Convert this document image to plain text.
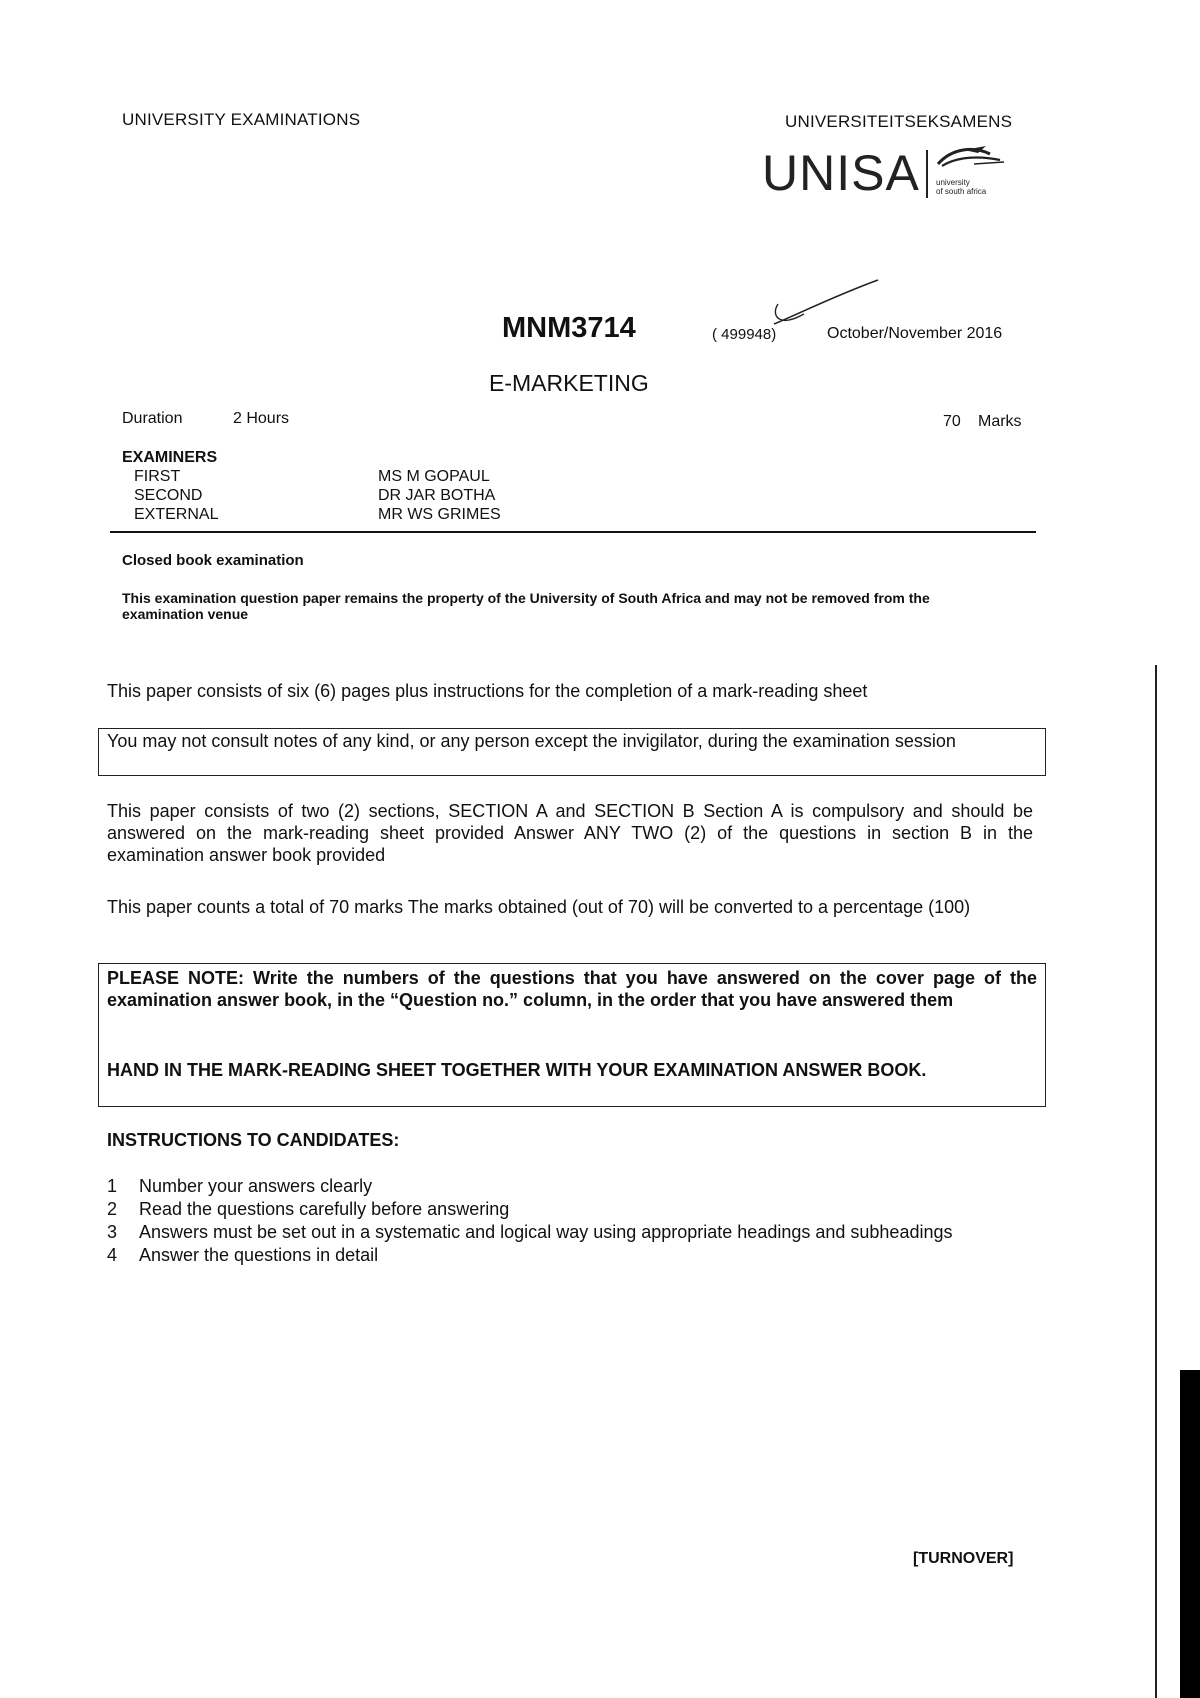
UNIVERSITY EXAMINATIONS	UNIVERSITEITSEKSAMENS
UNISA university
of south africa
MNM3714	( 499948)	October/November 2016
E-MARKETING
Duration	2 Hours	70 Marks
EXAMINERS
FIRST	MS M GOPAUL
SECOND	DR JAR BOTHA
EXTERNAL	MR WS GRIMES
Closed book examination
This examination question paper remains the property of the University of South Africa and may not be removed from the examination venue
This paper consists of six (6) pages plus instructions for the completion of a mark-reading sheet
You may not consult notes of any kind, or any person except the invigilator, during the examination session
This paper consists of two (2) sections, SECTION A and SECTION B Section A is compulsory and should be answered on the mark-reading sheet provided Answer ANY TWO (2) of the questions in section B in the examination answer book provided
This paper counts a total of 70 marks The marks obtained (out of 70) will be converted to a percentage (100)
PLEASE NOTE: Write the numbers of the questions that you have answered on the cover page of the examination answer book, in the “Question no.” column, in the order that you have answered them
HAND IN THE MARK-READING SHEET TOGETHER WITH YOUR EXAMINATION ANSWER BOOK.
INSTRUCTIONS TO CANDIDATES:
1	Number your answers clearly
2	Read the questions carefully before answering
3	Answers must be set out in a systematic and logical way using appropriate headings and subheadings
4	Answer the questions in detail
[TURNOVER]
